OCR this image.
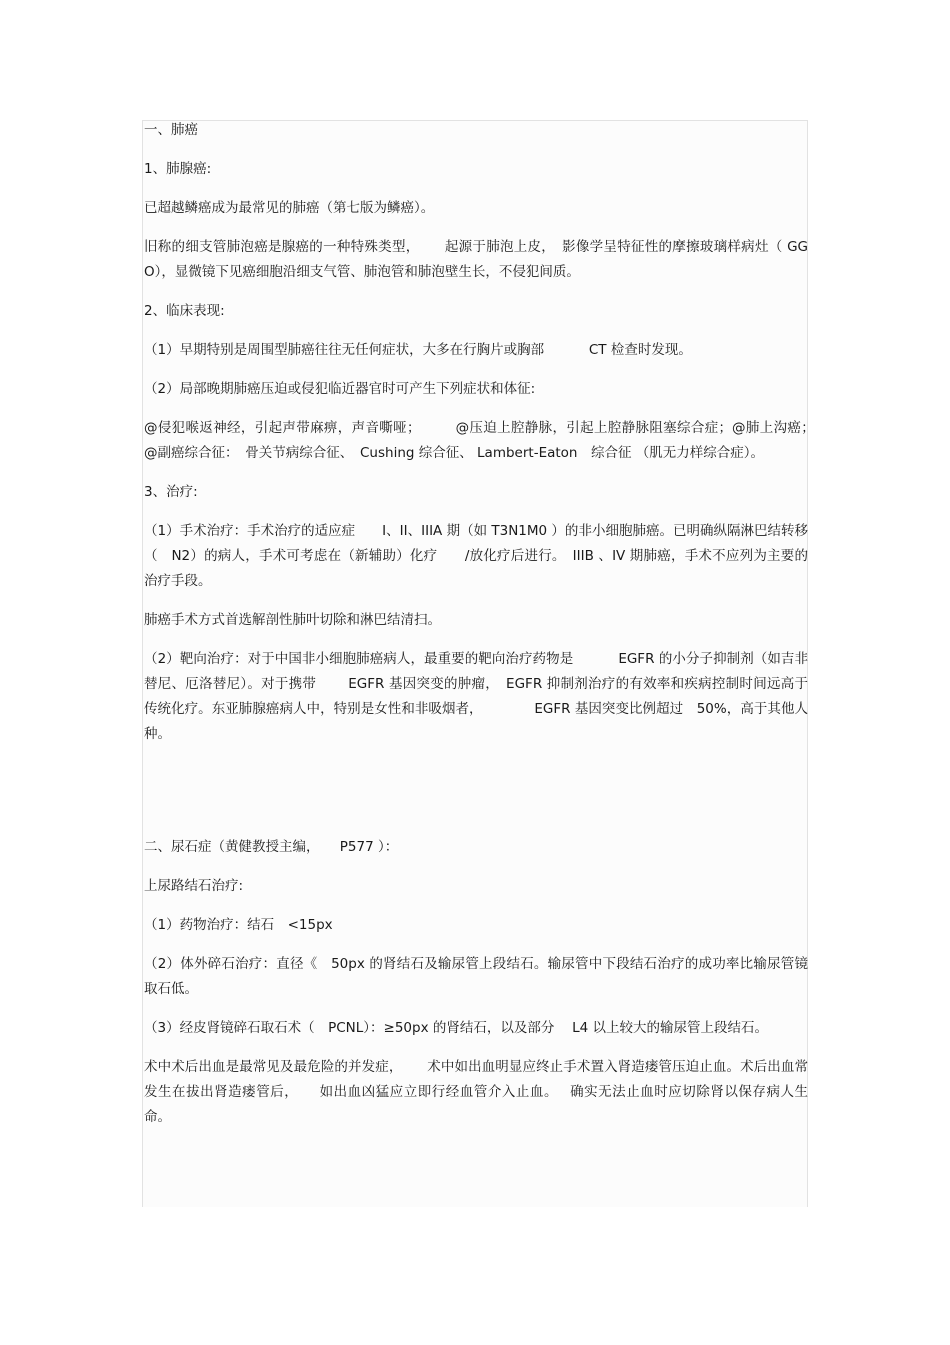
一、肺癌

1、肺腺癌:

已超越鳞癌成为最常见的肺癌（第七版为鳞癌）。

旧称的细支管肺泡癌是腺癌的一种特殊类型，　　 起源于肺泡上皮，　影像学呈特征性的摩擦玻璃样病灶（ GGO），显微镜下见癌细胞沿细支气管、肺泡管和肺泡壁生长，不侵犯间质。

2、临床表现:

（1）早期特别是周围型肺癌往往无任何症状，大多在行胸片或胸部　　　 CT 检查时发现。

（2）局部晚期肺癌压迫或侵犯临近器官时可产生下列症状和体征:

@侵犯喉返神经，引起声带麻痹，声音嘶哑；　　　@压迫上腔静脉，引起上腔静脉阻塞综合症；@肺上沟癌；　@副癌综合征：　骨关节病综合征、　Cushing 综合征、 Lambert-Eaton　综合征 （肌无力样综合症）。

3、治疗:

（1）手术治疗：手术治疗的适应症　　I、II、IIIA 期（如 T3N1M0 ）的非小细胞肺癌。已明确纵隔淋巴结转移（　N2）的病人，手术可考虑在（新辅助）化疗　　/放化疗后进行。　IIIB 、IV 期肺癌，手术不应列为主要的治疗手段。

肺癌手术方式首选解剖性肺叶切除和淋巴结清扫。

（2）靶向治疗：对于中国非小细胞肺癌病人，最重要的靶向治疗药物是　　　 EGFR 的小分子抑制剂（如吉非替尼、厄洛替尼）。对于携带　　 EGFR 基因突变的肿瘤，　EGFR 抑制剂治疗的有效率和疾病控制时间远高于传统化疗。东亚肺腺癌病人中，特别是女性和非吸烟者，　　　　 EGFR 基因突变比例超过　50%，高于其他人种。

二、尿石症（黄健教授主编，　　P577 ）：

上尿路结石治疗:

（1）药物治疗：结石　<15px

（2）体外碎石治疗：直径《　50px 的肾结石及输尿管上段结石。输尿管中下段结石治疗的成功率比输尿管镜取石低。

（3）经皮肾镜碎石取石术（　PCNL）：≥50px 的肾结石，以及部分　 L4 以上较大的输尿管上段结石。

术中术后出血是最常见及最危险的并发症，　　 术中如出血明显应终止手术置入肾造瘘管压迫止血。术后出血常发生在拔出肾造瘘管后，　　如出血凶猛应立即行经血管介入止血。　 确实无法止血时应切除肾以保存病人生命。
